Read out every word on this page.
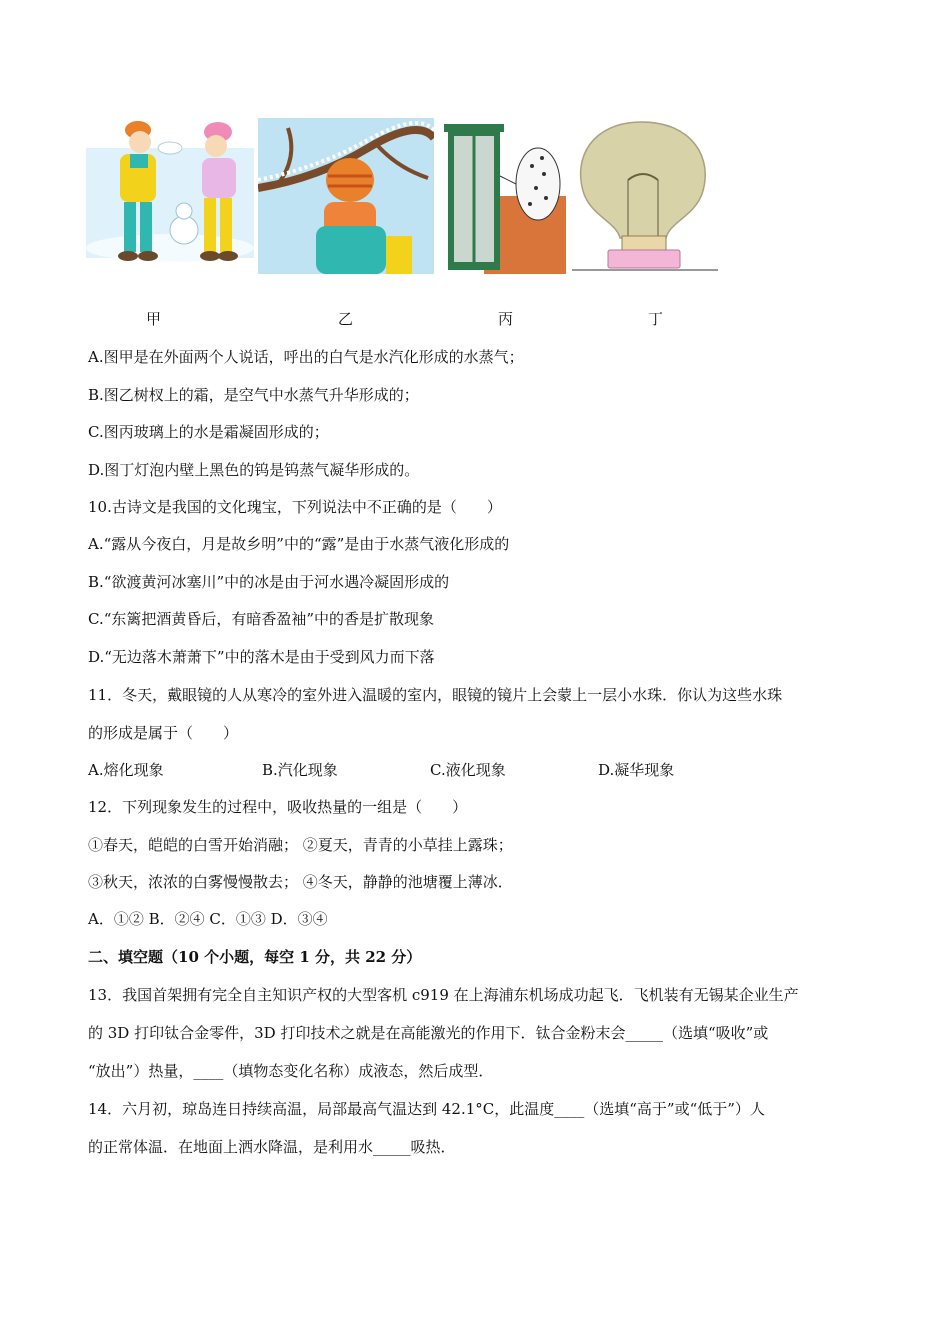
甲	乙	丙	丁
A.图甲是在外面两个人说话，呼出的白气是水汽化形成的水蒸气；
B.图乙树杈上的霜，是空气中水蒸气升华形成的；
C.图丙玻璃上的水是霜凝固形成的；
D.图丁灯泡内壁上黑色的钨是钨蒸气凝华形成的。
10.古诗文是我国的文化瑰宝，下列说法中不正确的是（　　）
A.“露从今夜白，月是故乡明”中的“露”是由于水蒸气液化形成的
B.“欲渡黄河冰塞川”中的冰是由于河水遇冷凝固形成的
C.“东篱把酒黄昏后，有暗香盈袖”中的香是扩散现象
D.“无边落木萧萧下”中的落木是由于受到风力而下落
11．冬天，戴眼镜的人从寒冷的室外进入温暖的室内，眼镜的镜片上会蒙上一层小水珠．你认为这些水珠
的形成是属于（　　）
A.熔化现象	B.汽化现象	C.液化现象	D.凝华现象
12．下列现象发生的过程中，吸收热量的一组是（　　）
①春天，皑皑的白雪开始消融； ②夏天，青青的小草挂上露珠；
③秋天，浓浓的白雾慢慢散去； ④冬天，静静的池塘覆上薄冰．
A．①② B．②④ C．①③ D．③④
二、填空题（10 个小题，每空 1 分，共 22 分）
13．我国首架拥有完全自主知识产权的大型客机 c919 在上海浦东机场成功起飞．飞机装有无锡某企业生产
的 3D 打印钛合金零件，3D 打印技术之就是在高能激光的作用下．钛合金粉末会_____（选填“吸收”或
“放出”）热量，____（填物态变化名称）成液态，然后成型．
14．六月初，琼岛连日持续高温，局部最高气温达到 42.1°C，此温度____（选填“高于”或“低于”）人
的正常体温．在地面上洒水降温，是利用水_____吸热．
